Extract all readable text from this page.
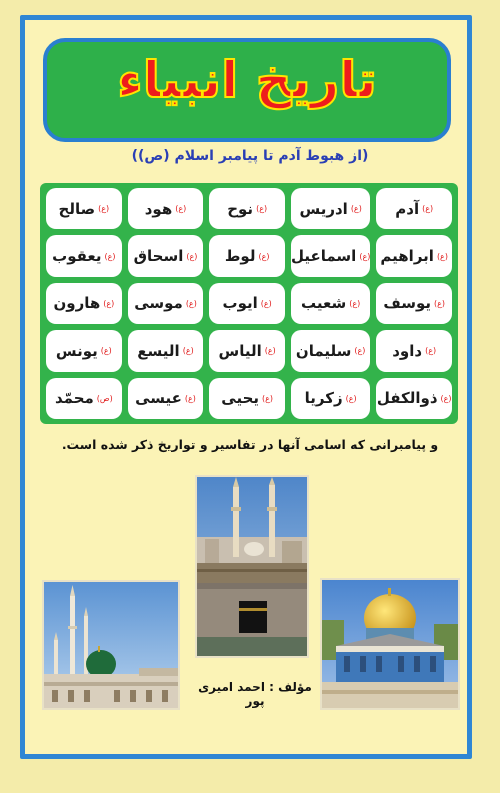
تاریخ انبیاء
(از هبوط آدم تا پیامبر اسلام (ص))
(ع)
آدم
(ع)
ادریس
(ع)
نوح
(ع)
هود
(ع)
صالح
(ع)
ابراهیم
(ع)
اسماعیل
(ع)
لوط
(ع)
اسحاق
(ع)
یعقوب
(ع)
یوسف
(ع)
شعیب
(ع)
ایوب
(ع)
موسی
(ع)
هارون
(ع)
داود
(ع)
سلیمان
(ع)
الیاس
(ع)
الیسع
(ع)
یونس
(ع)
ذوالکفل
(ع)
زکریا
(ع)
یحیی
(ع)
عیسی
(ص)
محمّد
و پیامبرانی که اسامی آنها در تفاسیر و تواریخ ذکر شده است.
مؤلف : احمد امیری پور
